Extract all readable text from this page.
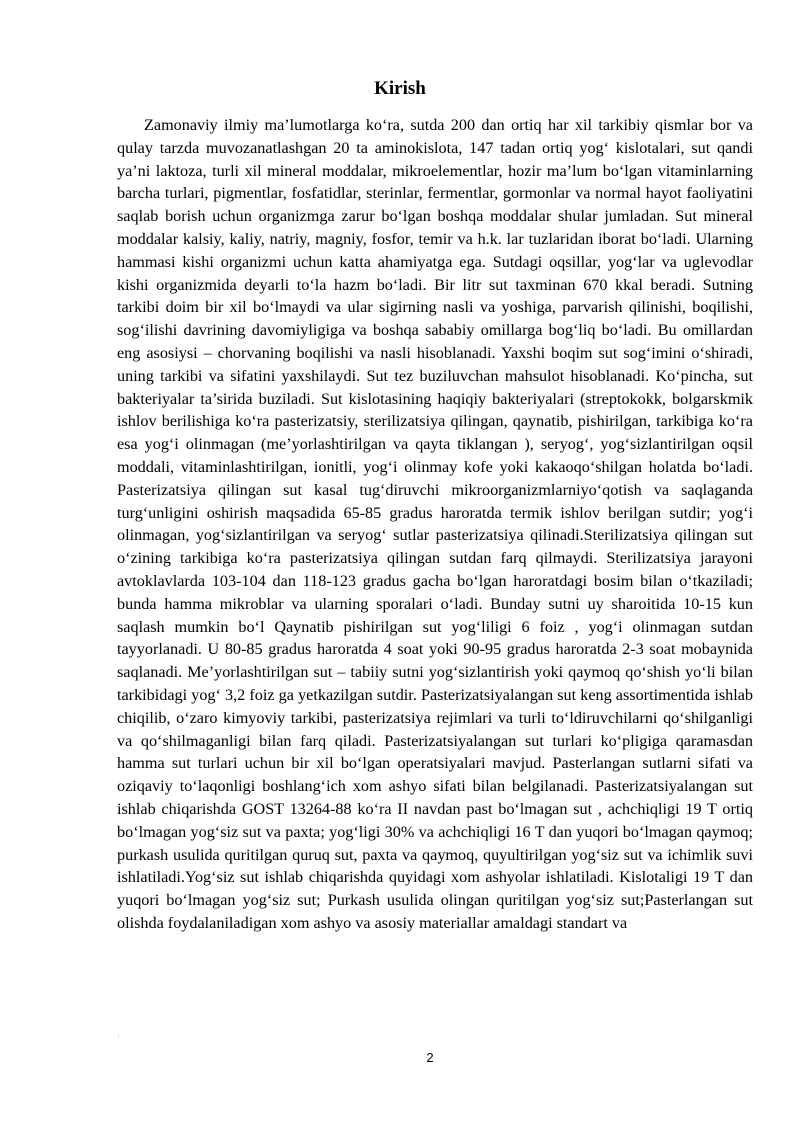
Kirish

Zamonaviy ilmiy ma’lumotlarga ko‘ra, sutda 200 dan ortiq har xil tarkibiy qismlar bor va qulay tarzda muvozanatlashgan 20 ta aminokislota, 147 tadan ortiq yog‘ kislotalari, sut qandi ya’ni laktoza, turli xil mineral moddalar, mikroelementlar, hozir ma’lum bo‘lgan vitaminlarning barcha turlari, pigmentlar, fosfatidlar, sterinlar, fermentlar, gormonlar va normal hayot faoliyatini saqlab borish uchun organizmga zarur bo‘lgan boshqa moddalar shular jumladan. Sut mineral moddalar kalsiy, kaliy, natriy, magniy, fosfor, temir va h.k. lar tuzlaridan iborat bo‘ladi. Ularning hammasi kishi organizmi uchun katta ahamiyatga ega. Sutdagi oqsillar, yog‘lar va uglevodlar kishi organizmida deyarli to‘la hazm bo‘ladi. Bir litr sut taxminan 670 kkal beradi. Sutning tarkibi doim bir xil bo‘lmaydi va ular sigirning nasli va yoshiga, parvarish qilinishi, boqilishi, sog‘ilishi davrining davomiyligiga va boshqa sababiy omillarga bog‘liq bo‘ladi. Bu omillardan eng asosiysi – chorvaning boqilishi va nasli hisoblanadi. Yaxshi boqim sut sog‘imini oʻshiradi, uning tarkibi va sifatini yaxshilaydi. Sut tez buziluvchan mahsulot hisoblanadi. Ko‘pincha, sut bakteriyalar ta’sirida buziladi. Sut kislotasining haqiqiy bakteriyalari (streptokokk, bolgarskmik ishlov berilishiga ko‘ra pasterizatsiy, sterilizatsiya qilingan, qaynatib, pishirilgan, tarkibiga ko‘ra esa yog‘i olinmagan (me’yorlashtirilgan va qayta tiklangan ), seryog‘, yog‘sizlantirilgan oqsil moddali, vitaminlashtirilgan, ionitli, yog‘i olinmay kofe yoki kakaoqo‘shilgan holatda bo‘ladi. Pasterizatsiya qilingan sut kasal tug‘diruvchi mikroorganizmlarniyo‘qotish va saqlaganda turg‘unligini oshirish maqsadida 65-85 gradus haroratda termik ishlov berilgan sutdir; yog‘i olinmagan, yog‘sizlantirilgan va seryog‘ sutlar pasterizatsiya qilinadi.Sterilizatsiya qilingan sut o‘zining tarkibiga ko‘ra pasterizatsiya qilingan sutdan farq qilmaydi. Sterilizatsiya jarayoni avtoklavlarda 103-104 dan 118-123 gradus gacha bo‘lgan haroratdagi bosim bilan o‘tkaziladi; bunda hamma mikroblar va ularning sporalari o‘ladi. Bunday sutni uy sharoitida 10-15 kun saqlash mumkin bo‘l Qaynatib pishirilgan sut yog‘liligi 6 foiz , yog‘i olinmagan sutdan tayyorlanadi. U 80-85 gradus haroratda 4 soat yoki 90-95 gradus haroratda 2-3 soat mobaynida saqlanadi. Me’yorlashtirilgan sut – tabiiy sutni yog‘sizlantirish yoki qaymoq qo‘shish yo‘li bilan tarkibidagi yog‘ 3,2 foiz ga yetkazilgan sutdir. Pasterizatsiyalangan sut keng assortimentida ishlab chiqilib, o‘zaro kimyoviy tarkibi, pasterizatsiya rejimlari va turli to‘ldiruvchilarni qo‘shilganligi va qo‘shilmaganligi bilan farq qiladi. Pasterizatsiyalangan sut turlari ko‘pligiga qaramasdan hamma sut turlari uchun bir xil bo‘lgan operatsiyalari mavjud. Pasterlangan sutlarni sifati va oziqaviy to‘laqonligi boshlang‘ich xom ashyo sifati bilan belgilanadi. Pasterizatsiyalangan sut ishlab chiqarishda GOST 13264-88 ko‘ra II navdan past bo‘lmagan sut , achchiqligi 19 T ortiq bo‘lmagan yog‘siz sut va paxta; yog‘ligi 30% va achchiqligi 16 T dan yuqori bo‘lmagan qaymoq; purkash usulida quritilgan quruq sut, paxta va qaymoq, quyultirilgan yog‘siz sut va ichimlik suvi ishlatiladi.Yog‘siz sut ishlab chiqarishda quyidagi xom ashyolar ishlatiladi. Kislotaligi 19 T dan yuqori bo‘lmagan yog‘siz sut; Purkash usulida olingan quritilgan yog‘siz sut;Pasterlangan sut olishda foydalaniladigan xom ashyo va asosiy materiallar amaldagi standart va

ʿ
2
